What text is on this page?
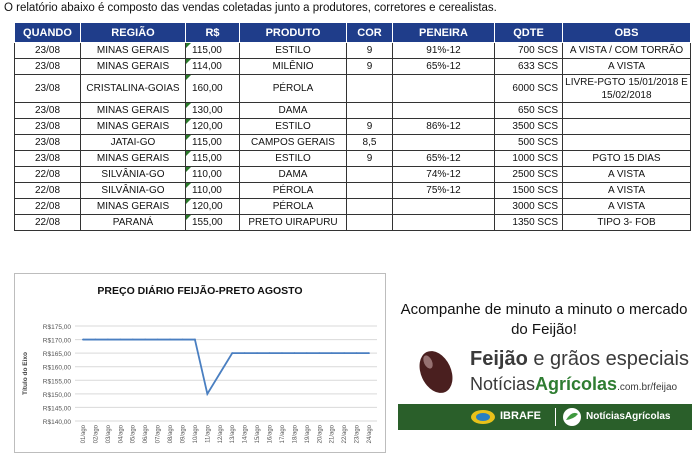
O relatório abaixo é composto das vendas coletadas junto a produtores, corretores e cerealistas.
QUANDO	REGIÃO	R$	PRODUTO	COR	PENEIRA	QDTE	OBS
23/08	MINAS GERAIS	115,00	ESTILO	9	91%-12	700 SCS	A VISTA / COM TORRÃO
23/08	MINAS GERAIS	114,00	MILÊNIO	9	65%-12	633 SCS	A VISTA
23/08	CRISTALINA-GOIAS	160,00	PÉROLA			6000 SCS	LIVRE-PGTO 15/01/2018 E 15/02/2018
23/08	MINAS GERAIS	130,00	DAMA			650 SCS	
23/08	MINAS GERAIS	120,00	ESTILO	9	86%-12	3500 SCS	
23/08	JATAI-GO	115,00	CAMPOS GERAIS	8,5		500 SCS	
23/08	MINAS GERAIS	115,00	ESTILO	9	65%-12	1000 SCS	PGTO 15 DIAS
22/08	SILVÂNIA-GO	110,00	DAMA		74%-12	2500 SCS	A VISTA
22/08	SILVÂNIA-GO	110,00	PÉROLA		75%-12	1500 SCS	A VISTA
22/08	MINAS GERAIS	120,00	PÉROLA			3000 SCS	A VISTA
22/08	PARANÁ	155,00	PRETO UIRAPURU			1350 SCS	TIPO 3- FOB
PREÇO DIÁRIO FEIJÃO-PRETO AGOSTO
R$140,00
R$145,00
R$150,00
R$155,00
R$160,00
R$165,00
R$170,00
R$175,00
Título do Eixo
01/ago 02/ago 03/ago 04/ago 05/ago 06/ago 07/ago 08/ago 09/ago 10/ago 11/ago 12/ago 13/ago 14/ago 15/ago 16/ago 17/ago 18/ago 19/ago 20/ago 21/ago 22/ago 23/ago 24/ago
Acompanhe de minuto a minuto o mercado do Feijão!
Feijão e grãos especiais
NotíciasAgrícolas.com.br/feijao
IBRAFE	NotíciasAgrícolas
